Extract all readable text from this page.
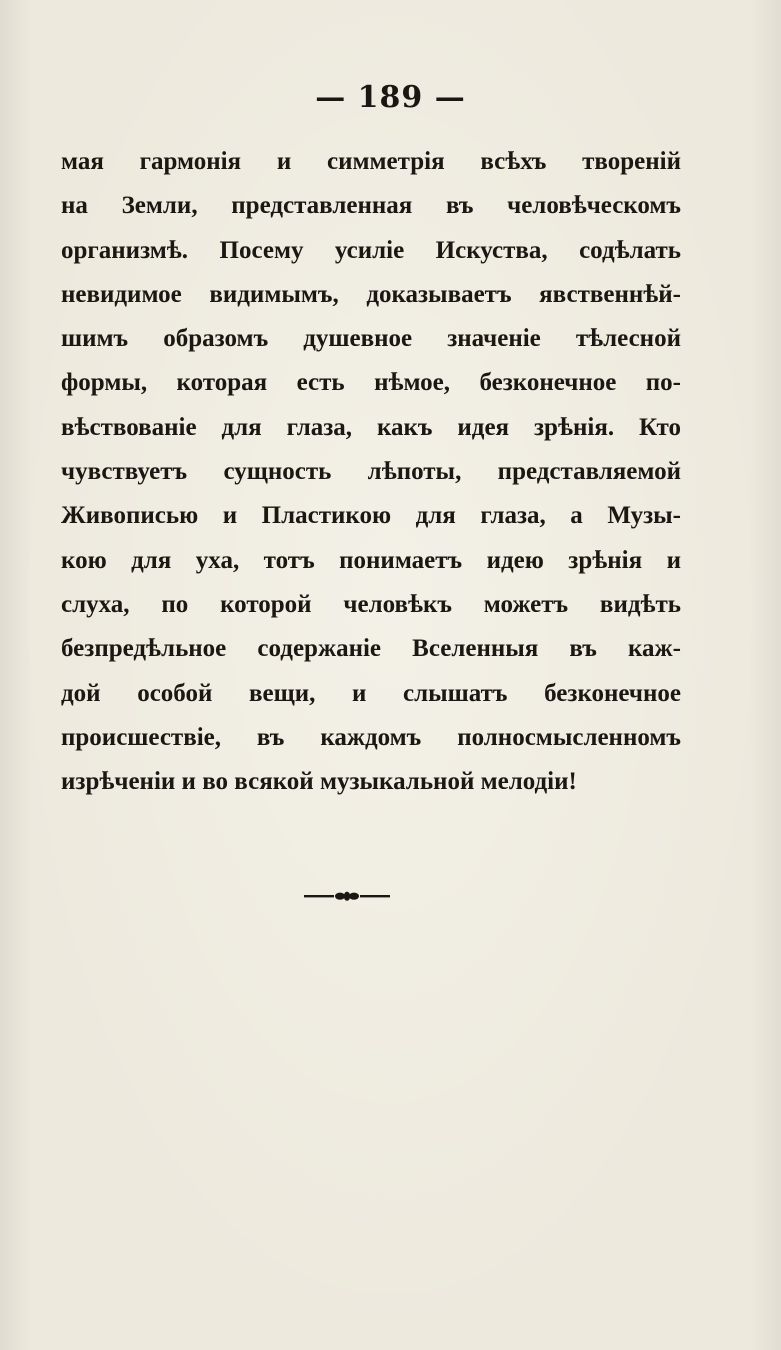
— 189 —
мая гармонія и симметрія всѣхъ твореній
на Земли, представленная въ человѣческомъ
организмѣ. Посему усиліе Искуства, содѣлать
невидимое видимымъ, доказываетъ явственнѣй-
шимъ образомъ душевное значеніе тѣлесной
формы, которая есть нѣмое, безконечное по-
вѣствованіе для глаза, какъ идея зрѣнія. Кто
чувствуетъ сущность лѣпоты, представляемой
Живописью и Пластикою для глаза, а Музы-
кою для уха, тотъ понимаетъ идею зрѣнія и
слуха, по которой человѣкъ можетъ видѣть
безпредѣльное содержаніе Вселенныя въ каж-
дой особой вещи, и слышатъ безконечное
происшествіе, въ каждомъ полносмысленномъ
изрѣченіи и во всякой музыкальной мелодіи!
